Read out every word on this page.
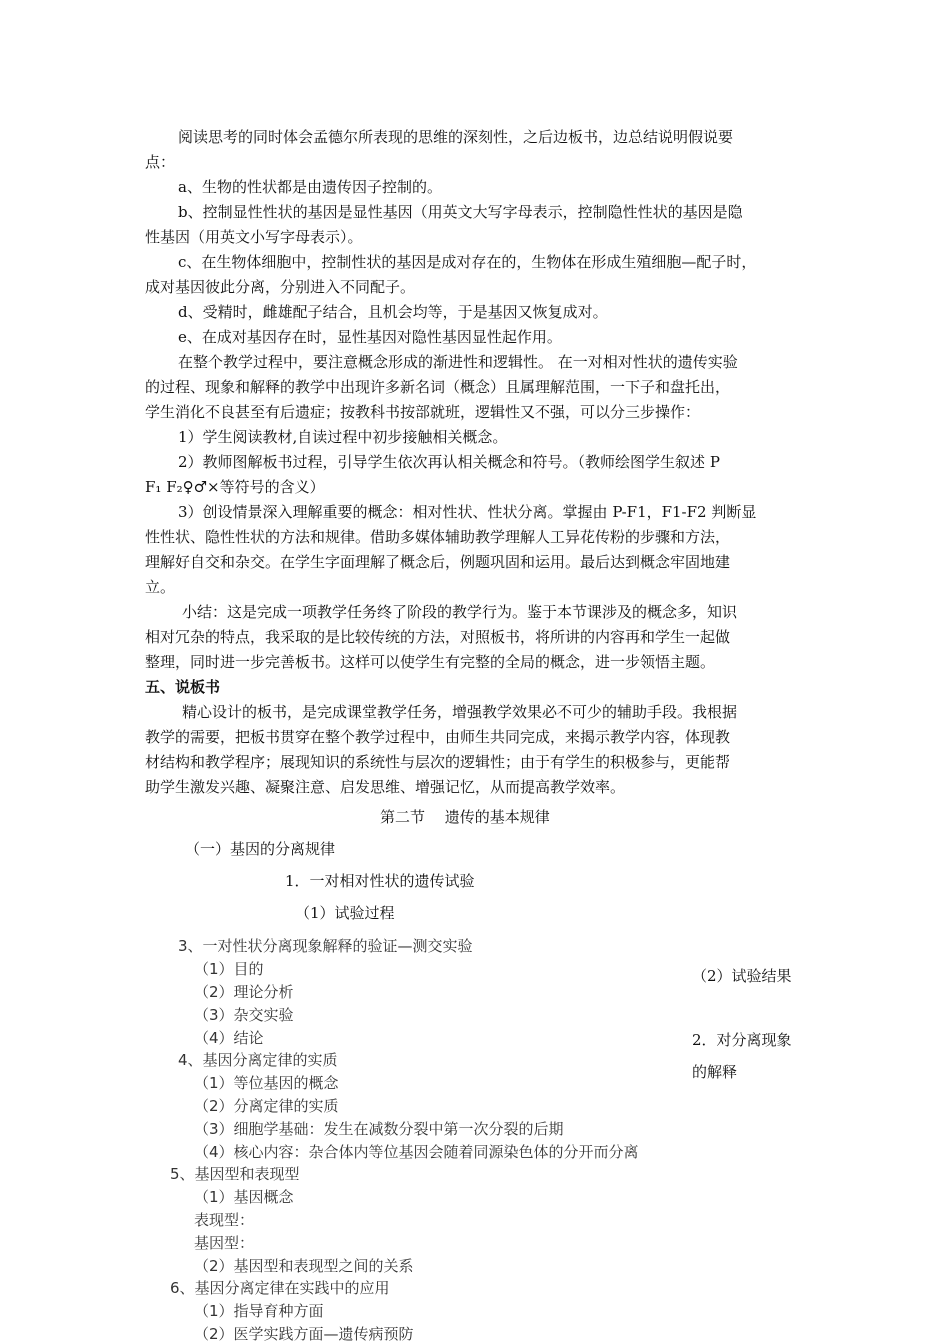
阅读思考的同时体会孟德尔所表现的思维的深刻性，之后边板书，边总结说明假说要
点：
a、生物的性状都是由遗传因子控制的。
b、控制显性性状的基因是显性基因（用英文大写字母表示，控制隐性性状的基因是隐
性基因（用英文小写字母表示）。
c、在生物体细胞中，控制性状的基因是成对存在的，生物体在形成生殖细胞—配子时，
成对基因彼此分离，分别进入不同配子。
d、受精时，雌雄配子结合，且机会均等，于是基因又恢复成对。
e、在成对基因存在时，显性基因对隐性基因显性起作用。
在整个教学过程中，要注意概念形成的渐进性和逻辑性。 在一对相对性状的遗传实验
的过程、现象和解释的教学中出现许多新名词（概念）且属理解范围，一下子和盘托出，
学生消化不良甚至有后遗症；按教科书按部就班，逻辑性又不强，可以分三步操作：
1）学生阅读教材,自读过程中初步接触相关概念。
2）教师图解板书过程，引导学生依次再认相关概念和符号。（教师绘图学生叙述 P
F₁ F₂♀♂×等符号的含义）
3）创设情景深入理解重要的概念：相对性状、性状分离。掌握由 P-F1，F1-F2 判断显
性性状、隐性性状的方法和规律。借助多媒体辅助教学理解人工异花传粉的步骤和方法，
理解好自交和杂交。在学生字面理解了概念后，例题巩固和运用。最后达到概念牢固地建
立。
小结：这是完成一项教学任务终了阶段的教学行为。鉴于本节课涉及的概念多，知识
相对冗杂的特点，我采取的是比较传统的方法，对照板书，将所讲的内容再和学生一起做
整理，同时进一步完善板书。这样可以使学生有完整的全局的概念，进一步领悟主题。
五、说板书
精心设计的板书，是完成课堂教学任务，增强教学效果必不可少的辅助手段。我根据
教学的需要，把板书贯穿在整个教学过程中，由师生共同完成，来揭示教学内容，体现教
材结构和教学程序；展现知识的系统性与层次的逻辑性；由于有学生的积极参与，更能帮
助学生激发兴趣、凝聚注意、启发思维、增强记忆，从而提高教学效率。
第二节　 遗传的基本规律
（一）基因的分离规律
1．一对相对性状的遗传试验
（1）试验过程
3、一对性状分离现象解释的验证—测交实验
（1）目的
（2）理论分析
（3）杂交实验
（4）结论
4、基因分离定律的实质
（1）等位基因的概念
（2）分离定律的实质
（3）细胞学基础：发生在减数分裂中第一次分裂的后期
（4）核心内容：杂合体内等位基因会随着同源染色体的分开而分离
5、基因型和表现型
（1）基因概念
表现型：
基因型：
（2）基因型和表现型之间的关系
6、基因分离定律在实践中的应用
（1）指导育种方面
（2）医学实践方面—遗传病预防
（2）试验结果
2．对分离现象
的解释
